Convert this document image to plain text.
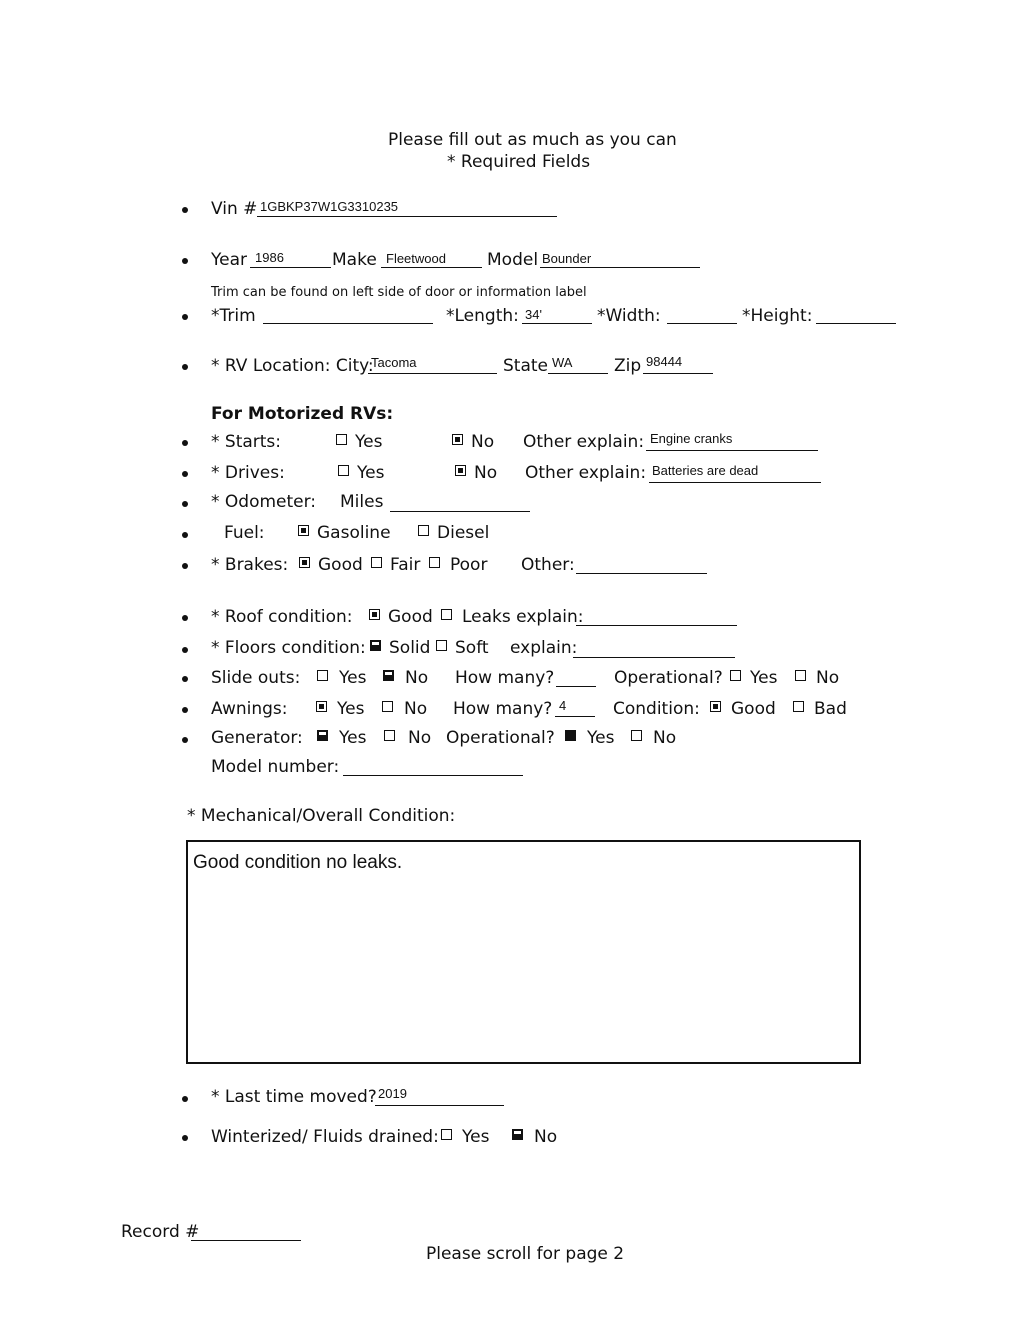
Please fill out as much as you can
* Required Fields
Vin # 1GBKP37W1G3310235
Year 1986	Make Fleetwood Model Bounder
Trim can be found on left side of door or information label
*Trim	*Length: 34'	*Width:	*Height:
* RV Location: City:
Tacoma	State WA Zip 98444
For Motorized RVs:
* Starts:	Yes	No Other explain: Engine cranks
* Drives:	Yes	No Other explain: Batteries are dead
* Odometer: Miles
Fuel:	Gasoline	Diesel
* Brakes: Good Fair Poor Other:
* Roof condition: Good Leaks explain:
* Floors condition: Solid Soft explain:
Slide outs: Yes No How many?	Operational? Yes No
Awnings:	Yes No How many? 4	Condition: Good Bad
Generator: Yes No Operational? Yes No
Model number:
* Mechanical/Overall Condition:
Good condition no leaks.
* Last time moved? 2019
Winterized/ Fluids drained: Yes	No
Record #
Please scroll for page 2
